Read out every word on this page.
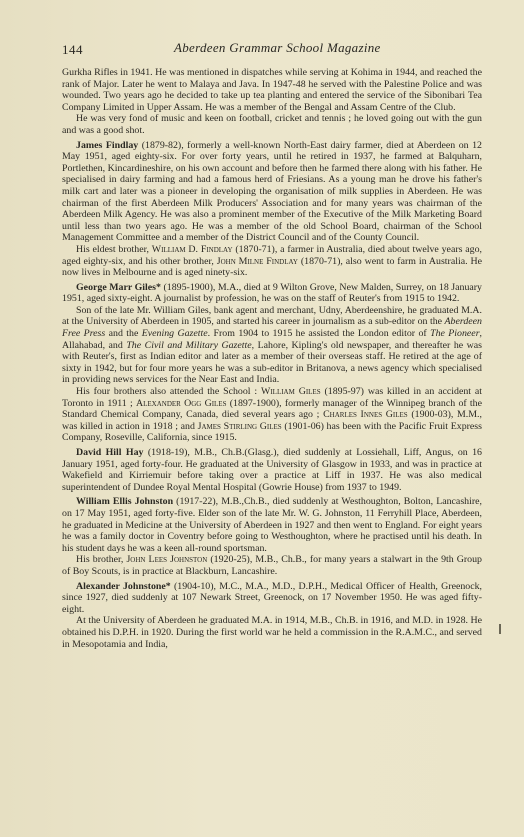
144	Aberdeen Grammar School Magazine

Gurkha Rifles in 1941. He was mentioned in dispatches while serving at Kohima in 1944, and reached the rank of Major. Later he went to Malaya and Java. In 1947-48 he served with the Palestine Police and was wounded. Two years ago he decided to take up tea planting and entered the service of the Sibonibari Tea Company Limited in Upper Assam. He was a member of the Bengal and Assam Centre of the Club.

He was very fond of music and keen on football, cricket and tennis ; he loved going out with the gun and was a good shot.

James Findlay (1879-82), formerly a well-known North-East dairy farmer, died at Aberdeen on 12 May 1951, aged eighty-six. For over forty years, until he retired in 1937, he farmed at Balquharn, Portlethen, Kincardineshire, on his own account and before then he farmed there along with his father. He specialised in dairy farming and had a famous herd of Friesians. As a young man he drove his father's milk cart and later was a pioneer in developing the organisation of milk supplies in Aberdeen. He was chairman of the first Aberdeen Milk Producers' Association and for many years was chairman of the Aberdeen Milk Agency. He was also a prominent member of the Executive of the Milk Marketing Board until less than two years ago. He was a member of the old School Board, chairman of the School Management Committee and a member of the District Council and of the County Council.

His eldest brother, William D. Findlay (1870-71), a farmer in Australia, died about twelve years ago, aged eighty-six, and his other brother, John Milne Findlay (1870-71), also went to farm in Australia. He now lives in Melbourne and is aged ninety-six.

George Marr Giles* (1895-1900), M.A., died at 9 Wilton Grove, New Malden, Surrey, on 18 January 1951, aged sixty-eight. A journalist by profession, he was on the staff of Reuter's from 1915 to 1942.

Son of the late Mr. William Giles, bank agent and merchant, Udny, Aberdeenshire, he graduated M.A. at the University of Aberdeen in 1905, and started his career in journalism as a sub-editor on the Aberdeen Free Press and the Evening Gazette. From 1904 to 1915 he assisted the London editor of The Pioneer, Allahabad, and The Civil and Military Gazette, Lahore, Kipling's old newspaper, and thereafter he was with Reuter's, first as Indian editor and later as a member of their overseas staff. He retired at the age of sixty in 1942, but for four more years he was a sub-editor in Britanova, a news agency which specialised in providing news services for the Near East and India.

His four brothers also attended the School : William Giles (1895-97) was killed in an accident at Toronto in 1911 ; Alexander Ogg Giles (1897-1900), formerly manager of the Winnipeg branch of the Standard Chemical Company, Canada, died several years ago ; Charles Innes Giles (1900-03), M.M., was killed in action in 1918 ; and James Stirling Giles (1901-06) has been with the Pacific Fruit Express Company, Roseville, California, since 1915.

David Hill Hay (1918-19), M.B., Ch.B.(Glasg.), died suddenly at Lossiehall, Liff, Angus, on 16 January 1951, aged forty-four. He graduated at the University of Glasgow in 1933, and was in practice at Wakefield and Kirriemuir before taking over a practice at Liff in 1937. He was also medical superintendent of Dundee Royal Mental Hospital (Gowrie House) from 1937 to 1949.

William Ellis Johnston (1917-22), M.B.,Ch.B., died suddenly at Westhoughton, Bolton, Lancashire, on 17 May 1951, aged forty-five. Elder son of the late Mr. W. G. Johnston, 11 Ferryhill Place, Aberdeen, he graduated in Medicine at the University of Aberdeen in 1927 and then went to England. For eight years he was a family doctor in Coventry before going to Westhoughton, where he practised until his death. In his student days he was a keen all-round sportsman.

His brother, John Lees Johnston (1920-25), M.B., Ch.B., for many years a stalwart in the 9th Group of Boy Scouts, is in practice at Blackburn, Lancashire.

Alexander Johnstone* (1904-10), M.C., M.A., M.D., D.P.H., Medical Officer of Health, Greenock, since 1927, died suddenly at 107 Newark Street, Greenock, on 17 November 1950. He was aged fifty-eight.

At the University of Aberdeen he graduated M.A. in 1914, M.B., Ch.B. in 1916, and M.D. in 1928. He obtained his D.P.H. in 1920. During the first world war he held a commission in the R.A.M.C., and served in Mesopotamia and India,
